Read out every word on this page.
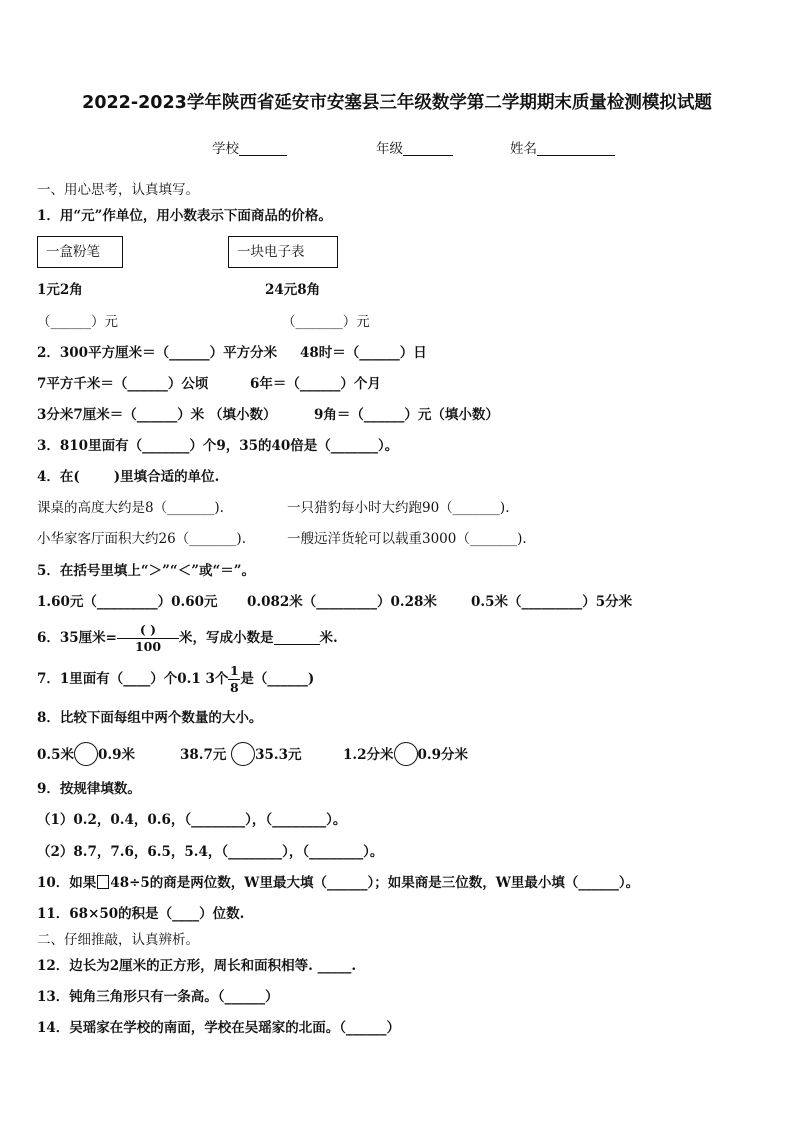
2022-2023学年陕西省延安市安塞县三年级数学第二学期期末质量检测模拟试题
学校	年级	姓名
一、用心思考，认真填写。
1．用“元”作单位，用小数表示下面商品的价格。
一盒粉笔	一块电子表
1元2角	24元8角
（______）元	（_______）元
2．300平方厘米＝（______）平方分米 48时＝（______）日
7平方千米＝（______）公顷	6年＝（______）个月
3分米7厘米＝（______）米 （填小数）	9角＝（______）元（填小数）
3．810里面有（_______）个9，35的40倍是（_______）。
4．在(	)里填合适的单位.
课桌的高度大约是8（_______).	一只猎豹每小时大约跑90（_______).
小华家客厅面积大约26（_______).	一艘远洋货轮可以载重3000（_______).
5．在括号里填上“＞”“＜”或“＝”。
1.60元（_________）0.60元 0.082米（_________）0.28米	0.5米（_________）5分米
6．35厘米= $\frac{( )}{100}$ 米，写成小数是	米.
7．1里面有（____）个0.1 3个 $\frac{1}{8}$ 是（______)
8．比较下面每组中两个数量的大小。
0.5米 0.9米	38.7元 35.3元	1.2分米 0.9分米
9．按规律填数。
（1）0.2，0.4，0.6，（________），（________）。
（2）8.7，7.6，6.5，5.4，（________），（________）。
10．如果 48÷5的商是两位数，W里最大填（______）；如果商是三位数，W里最小填（______）。
11．68×50的积是（____）位数.
二、仔细推敲，认真辨析。
12．边长为2厘米的正方形，周长和面积相等. _____.
13．钝角三角形只有一条高。（______）
14．吴瑶家在学校的南面，学校在吴瑶家的北面。（______）
